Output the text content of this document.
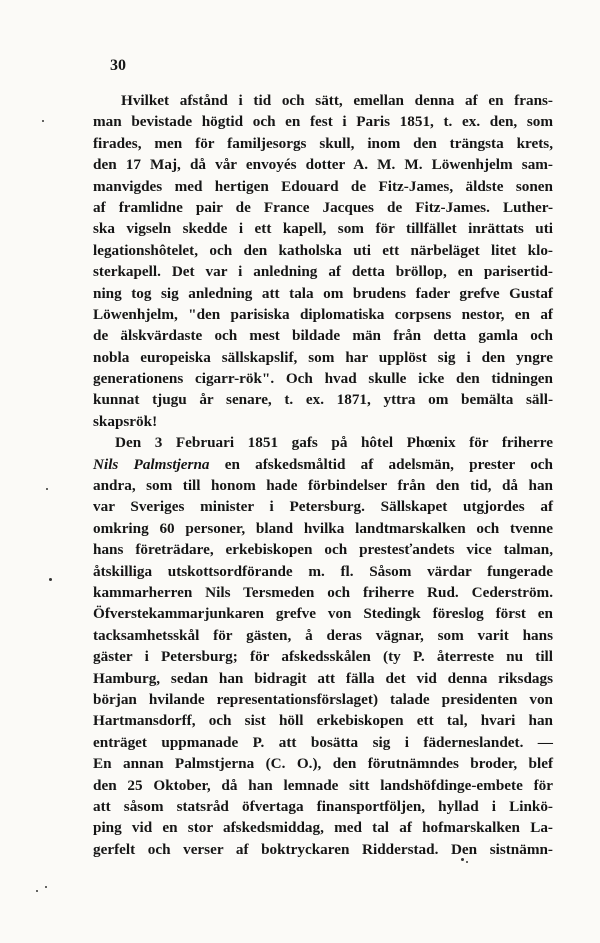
30
Hvilket afstånd i tid och sätt, emellan denna af en frans-
man bevistade högtid och en fest i Paris 1851, t. ex. den, som
firades, men för familjesorgs skull, inom den trängsta krets,
den 17 Maj, då vår envoyés dotter A. M. M. Löwenhjelm sam-
manvigdes med hertigen Edouard de Fitz-James, äldste sonen
af framlidne pair de France Jacques de Fitz-James. Luther-
ska vigseln skedde i ett kapell, som för tillfället inrättats uti
legationshôtelet, och den katholska uti ett närbeläget litet klo-
sterkapell. Det var i anledning af detta bröllop, en parisertid-
ning tog sig anledning att tala om brudens fader grefve Gustaf
Löwenhjelm, "den parisiska diplomatiska corpsens nestor, en af
de älskvärdaste och mest bildade män från detta gamla och
nobla europeiska sällskapslif, som har upplöst sig i den yngre
generationens cigarr-rök". Och hvad skulle icke den tidningen
kunnat tjugu år senare, t. ex. 1871, yttra om bemälta säll-
skapsrök!
Den 3 Februari 1851 gafs på hôtel Phœnix för friherre
Nils Palmstjerna en afskedsmåltid af adelsmän, prester och
andra, som till honom hade förbindelser från den tid, då han
var Sveriges minister i Petersburg. Sällskapet utgjordes af
omkring 60 personer, bland hvilka landtmarskalken och tvenne
hans företrädare, erkebiskopen och prestesťandets vice talman,
åtskilliga utskottsordförande m. fl. Såsom värdar fungerade
kammarherren Nils Tersmeden och friherre Rud. Cederström.
Öfverstekammarjunkaren grefve von Stedingk föreslog först en
tacksamhetsskål för gästen, å deras vägnar, som varit hans
gäster i Petersburg; för afskedsskålen (ty P. återreste nu till
Hamburg, sedan han bidragit att fälla det vid denna riksdags
början hvilande representationsförslaget) talade presidenten von
Hartmansdorff, och sist höll erkebiskopen ett tal, hvari han
enträget uppmanade P. att bosätta sig i fäderneslandet. —
En annan Palmstjerna (C. O.), den förutnämndes broder, blef
den 25 Oktober, då han lemnade sitt landshöfdinge-embete för
att såsom statsråd öfvertaga finansportföljen, hyllad i Linkö-
ping vid en stor afskedsmiddag, med tal af hofmarskalken La-
gerfelt och verser af boktryckaren Ridderstad. Den sistnämn-
